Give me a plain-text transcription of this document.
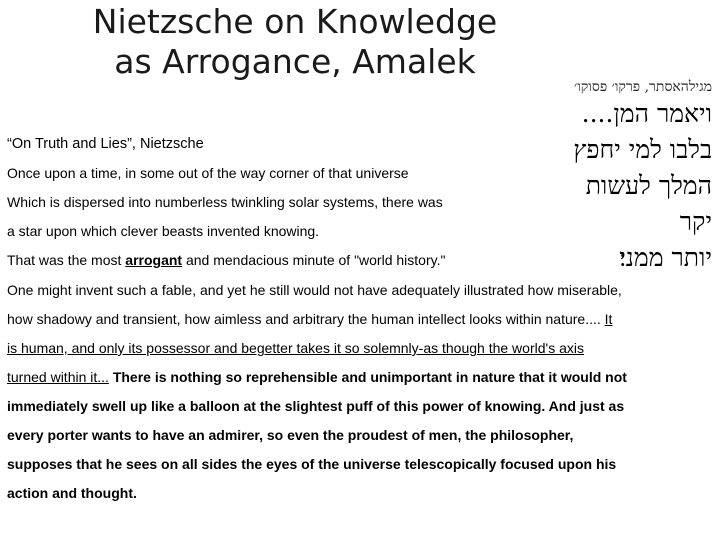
Nietzsche on Knowledge
as Arrogance, Amalek
מגילהאסתר, פרקו׳ פסוקו׳
ויאמר המן....
בלבו למי יחפץ
המלך לעשות
יקר
יותר ממני׃
“On Truth and Lies”, Nietzsche
Once upon a time, in some out of the way corner of that universe
Which is dispersed into numberless twinkling solar systems, there was
a star upon which clever beasts invented knowing.
That was the most arrogant and mendacious minute of "world history."
One might invent such a fable, and yet he still would not have adequately illustrated how miserable,
how shadowy and transient, how aimless and arbitrary the human intellect looks within nature.... It
is human, and only its possessor and begetter takes it so solemnly-as though the world's axis
turned within it... There is nothing so reprehensible and unimportant in nature that it would not
immediately swell up like a balloon at the slightest puff of this power of knowing. And just as
every porter wants to have an admirer, so even the proudest of men, the philosopher,
supposes that he sees on all sides the eyes of the universe telescopically focused upon his
action and thought.
